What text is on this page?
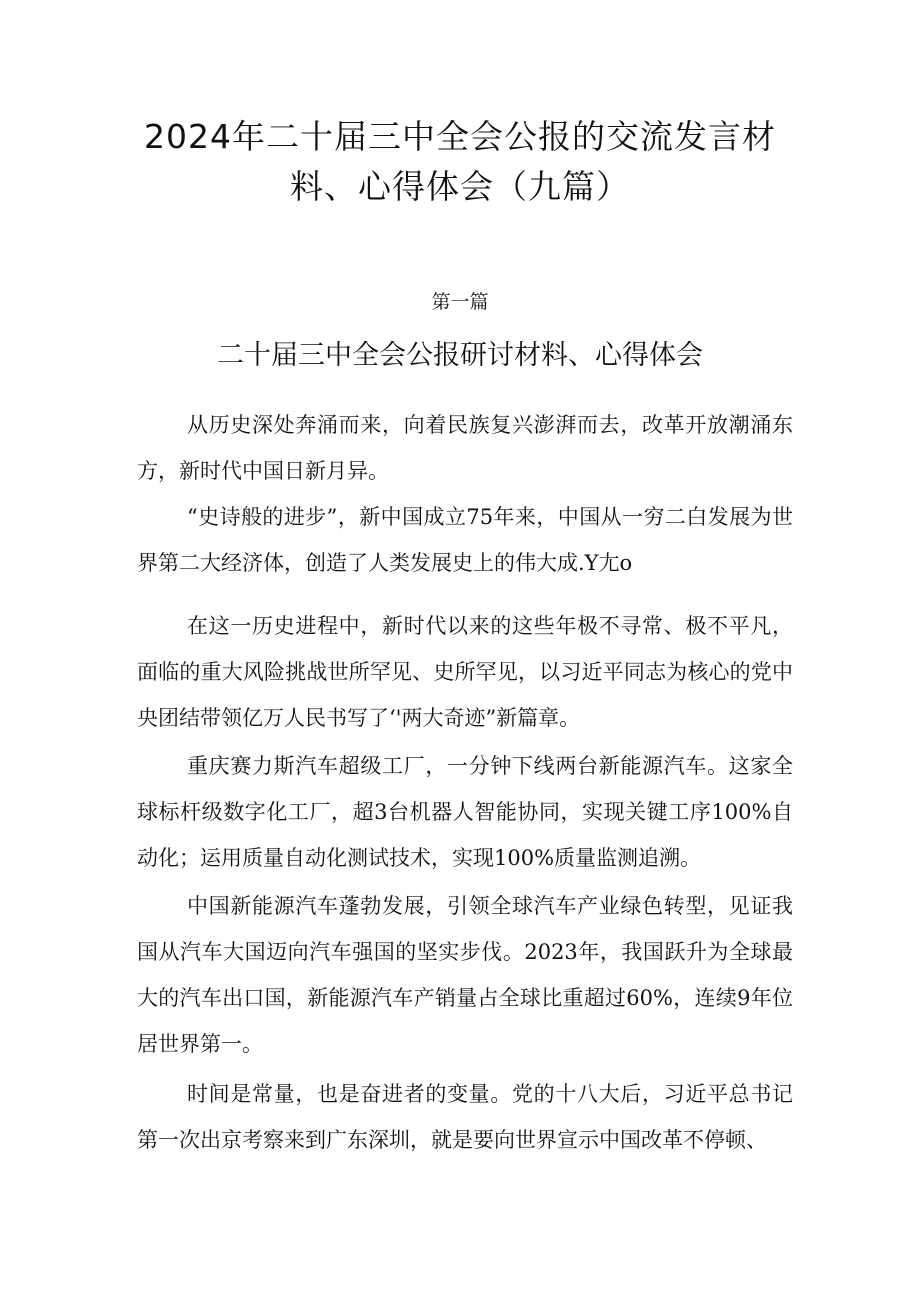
2024年二十届三中全会公报的交流发言材料、心得体会（九篇）
第一篇
二十届三中全会公报研讨材料、心得体会

从历史深处奔涌而来，向着民族复兴澎湃而去，改革开放潮涌东方，新时代中国日新月异。

“史诗般的进步”，新中国成立75年来，中国从一穷二白发展为世界第二大经济体，创造了人类发展史上的伟大成.Y尢o

在这一历史进程中，新时代以来的这些年极不寻常、极不平凡，面临的重大风险挑战世所罕见、史所罕见，以习近平同志为核心的党中央团结带领亿万人民书写了‘'两大奇迹”新篇章。

重庆赛力斯汽车超级工厂，一分钟下线两台新能源汽车。这家全球标杆级数字化工厂，超3台机器人智能协同，实现关键工序100%自动化；运用质量自动化测试技术，实现100%质量监测追溯。

中国新能源汽车蓬勃发展，引领全球汽车产业绿色转型，见证我国从汽车大国迈向汽车强国的坚实步伐。2023年，我国跃升为全球最大的汽车出口国，新能源汽车产销量占全球比重超过60%，连续9年位居世界第一。

时间是常量，也是奋进者的变量。党的十八大后，习近平总书记第一次出京考察来到广东深圳，就是要向世界宣示中国改革不停顿、
